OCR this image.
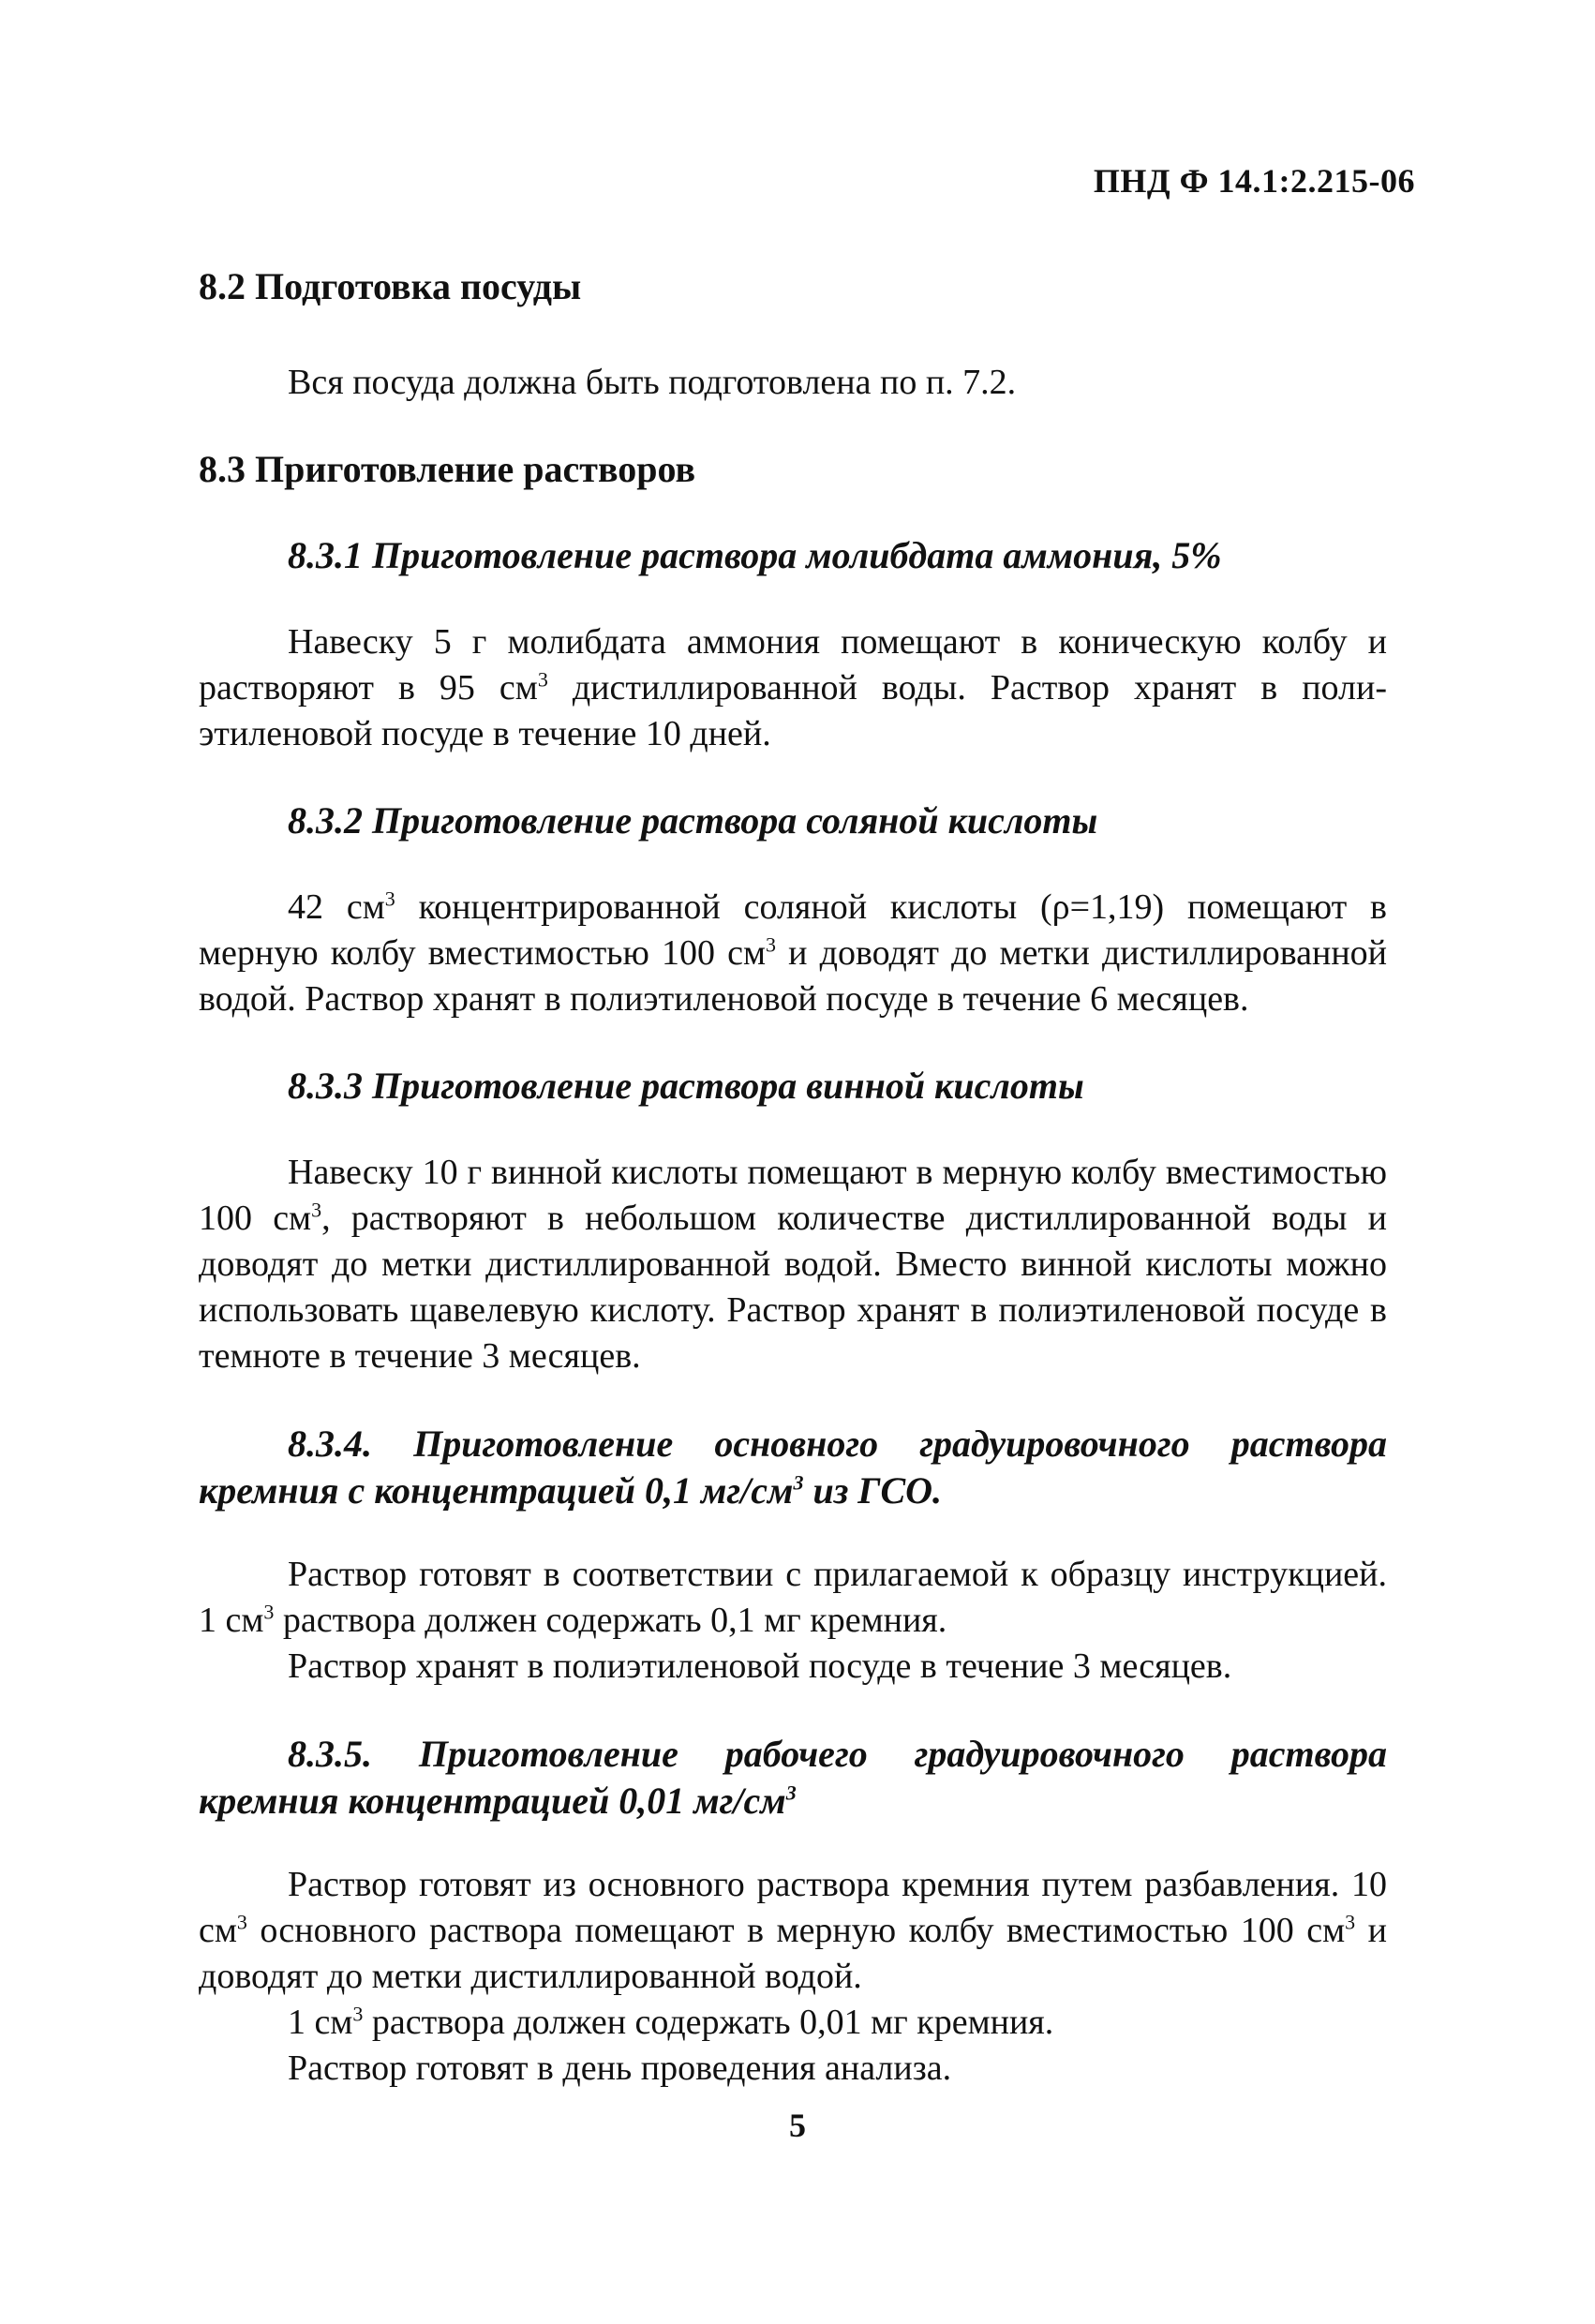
ПНД Ф 14.1:2.215-06
8.2 Подготовка посуды

Вся посуда должна быть подготовлена по п. 7.2.

8.3 Приготовление растворов
8.3.1 Приготовление раствора молибдата аммония, 5%

Навеску 5 г молибдата аммония помещают в коническую колбу и растворяют в 95 $см^3$ дистиллированной воды. Раствор хранят в полиэтиленовой посуде в течение 10 дней.

8.3.2 Приготовление раствора соляной кислоты

42 $см^3$ концентрированной соляной кислоты (ρ=1,19) помещают в мерную колбу вместимостью 100 $см^3$ и доводят до метки дистиллированной водой. Раствор хранят в полиэтиленовой посуде в течение 6 месяцев.

8.3.3 Приготовление раствора винной кислоты

Навеску 10 г винной кислоты помещают в мерную колбу вместимостью 100 $см^3$, растворяют в небольшом количестве дистиллированной воды и доводят до метки дистиллированной водой. Вместо винной кислоты можно использовать щавелевую кислоту. Раствор хранят в полиэтиленовой посуде в темноте в течение 3 месяцев.

8.3.4. Приготовление основного градуировочного раствора кремния с концентрацией 0,1 $мг/см^3$ из ГСО.

Раствор готовят в соответствии с прилагаемой к образцу инструкцией. 1 $см^3$ раствора должен содержать 0,1 мг кремния.

Раствор хранят в полиэтиленовой посуде в течение 3 месяцев.

8.3.5. Приготовление рабочего градуировочного раствора кремния концентрацией 0,01 $мг/см^3$

Раствор готовят из основного раствора кремния путем разбавления. 10 $см^3$ основного раствора помещают в мерную колбу вместимостью 100 $см^3$ и доводят до метки дистиллированной водой.

1 $см^3$ раствора должен содержать 0,01 мг кремния.

Раствор готовят в день проведения анализа.

5
